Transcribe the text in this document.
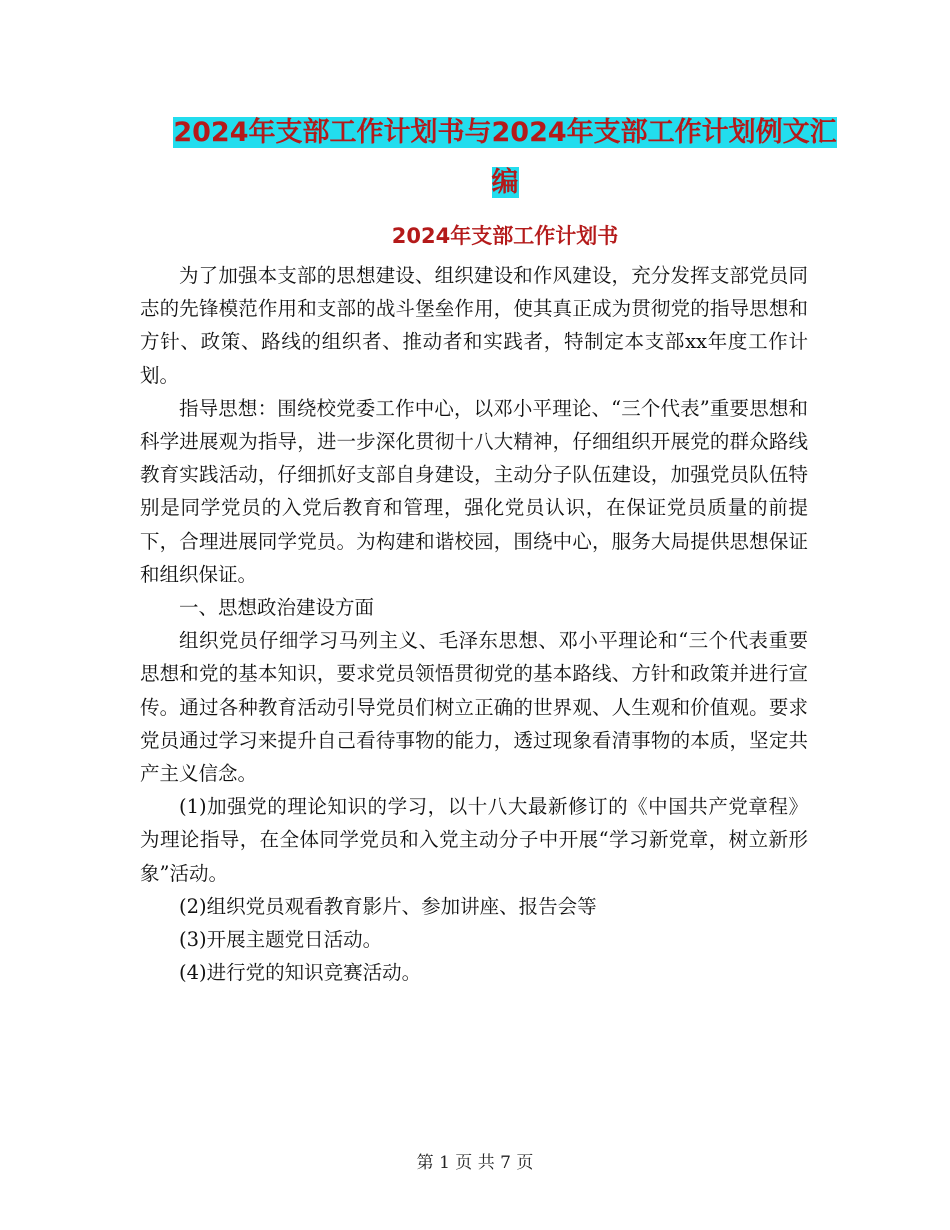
2024年支部工作计划书与2024年支部工作计划例文汇
编
2024年支部工作计划书

为了加强本支部的思想建设、组织建设和作风建设，充分发挥支部党员同志的先锋模范作用和支部的战斗堡垒作用，使其真正成为贯彻党的指导思想和方针、政策、路线的组织者、推动者和实践者，特制定本支部xx年度工作计划。

指导思想：围绕校党委工作中心，以邓小平理论、“三个代表”重要思想和科学进展观为指导，进一步深化贯彻十八大精神，仔细组织开展党的群众路线教育实践活动，仔细抓好支部自身建设，主动分子队伍建设，加强党员队伍特别是同学党员的入党后教育和管理，强化党员认识，在保证党员质量的前提下，合理进展同学党员。为构建和谐校园，围绕中心，服务大局提供思想保证和组织保证。

一、思想政治建设方面

组织党员仔细学习马列主义、毛泽东思想、邓小平理论和“三个代表重要思想和党的基本知识，要求党员领悟贯彻党的基本路线、方针和政策并进行宣传。通过各种教育活动引导党员们树立正确的世界观、人生观和价值观。要求党员通过学习来提升自己看待事物的能力，透过现象看清事物的本质，坚定共产主义信念。

(1)加强党的理论知识的学习，以十八大最新修订的《中国共产党章程》为理论指导，在全体同学党员和入党主动分子中开展“学习新党章，树立新形象”活动。

(2)组织党员观看教育影片、参加讲座、报告会等

(3)开展主题党日活动。

(4)进行党的知识竞赛活动。

第 1 页 共 7 页
